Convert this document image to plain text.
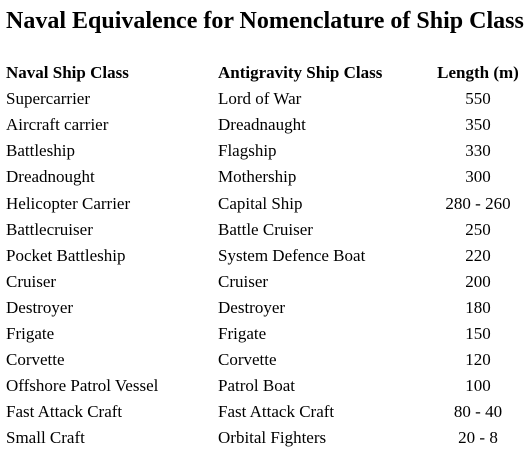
Naval Equivalence for Nomenclature of Ship Class
Naval Ship Class	Antigravity Ship Class	Length (m)
Supercarrier	Lord of War	550
Aircraft carrier	Dreadnaught	350
Battleship	Flagship	330
Dreadnought	Mothership	300
Helicopter Carrier	Capital Ship	280 - 260
Battlecruiser	Battle Cruiser	250
Pocket Battleship	System Defence Boat	220
Cruiser	Cruiser	200
Destroyer	Destroyer	180
Frigate	Frigate	150
Corvette	Corvette	120
Offshore Patrol Vessel	Patrol Boat	100
Fast Attack Craft	Fast Attack Craft	80 - 40
Small Craft	Orbital Fighters	20 - 8
